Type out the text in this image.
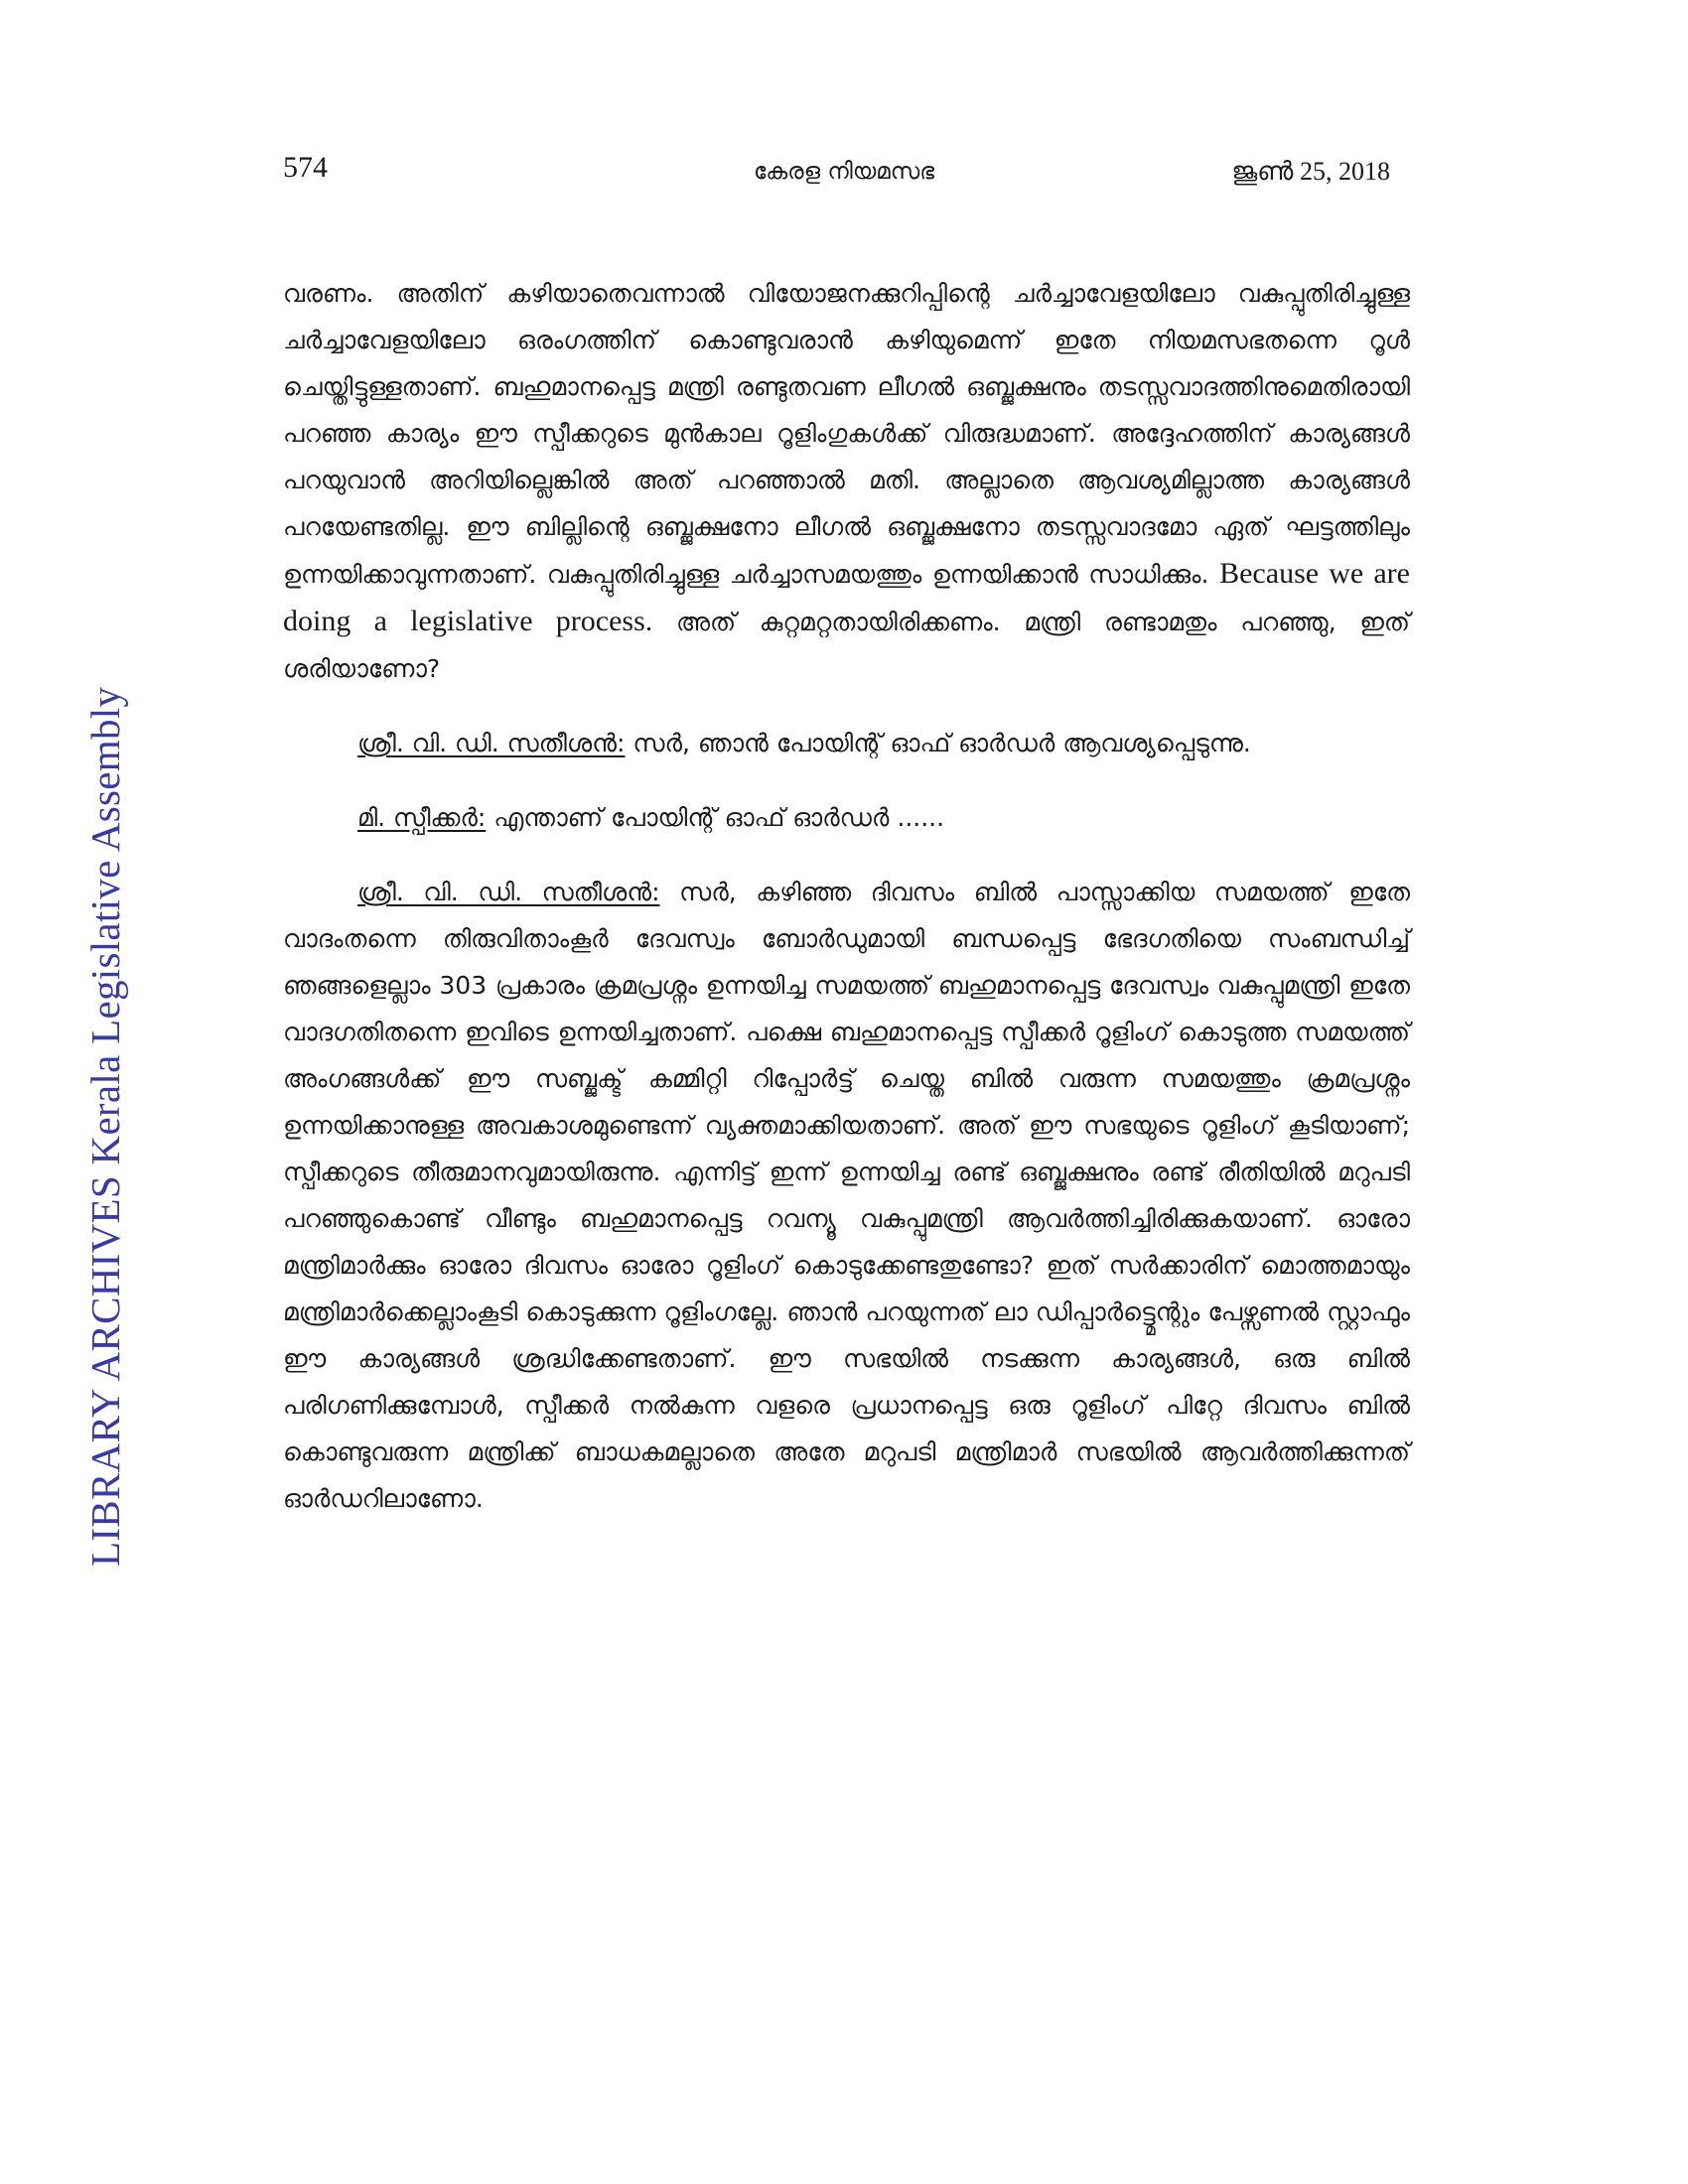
574	കേരള നിയമസഭ	ജൂൺ 25, 2018
LIBRARY ARCHIVES Kerala Legislative Assembly

വരണം. അതിന് കഴിയാതെവന്നാൽ വിയോജനക്കുറിപ്പിന്റെ ചർച്ചാവേളയിലോ വകുപ്പുതിരിച്ചുള്ള ചർച്ചാവേളയിലോ ഒരംഗത്തിന് കൊണ്ടുവരാൻ കഴിയുമെന്ന് ഇതേ നിയമസഭതന്നെ റൂൾ ചെയ്തിട്ടുള്ളതാണ്. ബഹുമാനപ്പെട്ട മന്ത്രി രണ്ടുതവണ ലീഗൽ ഒബ്ജക്ഷനും തടസ്സവാദത്തിനുമെതിരായി പറഞ്ഞ കാര്യം ഈ സ്പീക്കറുടെ മുൻകാല റൂളിംഗുകൾക്ക് വിരുദ്ധമാണ്. അദ്ദേഹത്തിന് കാര്യങ്ങൾ പറയുവാൻ അറിയില്ലെങ്കിൽ അത് പറഞ്ഞാൽ മതി. അല്ലാതെ ആവശ്യമില്ലാത്ത കാര്യങ്ങൾ പറയേണ്ടതില്ല. ഈ ബില്ലിന്റെ ഒബ്ജക്ഷനോ ലീഗൽ ഒബ്ജക്ഷനോ തടസ്സവാദമോ ഏത് ഘട്ടത്തിലും ഉന്നയിക്കാവുന്നതാണ്. വകുപ്പുതിരിച്ചുള്ള ചർച്ചാസമയത്തും ഉന്നയിക്കാൻ സാധിക്കും. Because we are doing a legislative process. അത് കുറ്റമറ്റതായിരിക്കണം. മന്ത്രി രണ്ടാമതും പറഞ്ഞു, ഇത് ശരിയാണോ?

ശ്രീ. വി. ഡി. സതീശൻ: സർ, ഞാൻ പോയിന്റ് ഓഫ് ഓർഡർ ആവശ്യപ്പെടുന്നു.

മി. സ്പീക്കർ: എന്താണ് പോയിന്റ് ഓഫ് ഓർഡർ ......

ശ്രീ. വി. ഡി. സതീശൻ: സർ, കഴിഞ്ഞ ദിവസം ബിൽ പാസ്സാക്കിയ സമയത്ത് ഇതേ വാദംതന്നെ തിരുവിതാംകൂർ ദേവസ്വം ബോർഡുമായി ബന്ധപ്പെട്ട ഭേദഗതിയെ സംബന്ധിച്ച് ഞങ്ങളെല്ലാം 303 പ്രകാരം ക്രമപ്രശ്നം ഉന്നയിച്ച സമയത്ത് ബഹുമാനപ്പെട്ട ദേവസ്വം വകുപ്പുമന്ത്രി ഇതേ വാദഗതിതന്നെ ഇവിടെ ഉന്നയിച്ചതാണ്. പക്ഷെ ബഹുമാനപ്പെട്ട സ്പീക്കർ റൂളിംഗ് കൊടുത്ത സമയത്ത് അംഗങ്ങൾക്ക് ഈ സബ്ജക്ട് കമ്മിറ്റി റിപ്പോർട്ട് ചെയ്ത ബിൽ വരുന്ന സമയത്തും ക്രമപ്രശ്നം ഉന്നയിക്കാനുള്ള അവകാശമുണ്ടെന്ന് വ്യക്തമാക്കിയതാണ്. അത് ഈ സഭയുടെ റൂളിംഗ് കൂടിയാണ്; സ്പീക്കറുടെ തീരുമാനവുമായിരുന്നു. എന്നിട്ട് ഇന്ന് ഉന്നയിച്ച രണ്ട് ഒബ്ജക്ഷനും രണ്ട് രീതിയിൽ മറുപടി പറഞ്ഞുകൊണ്ട് വീണ്ടും ബഹുമാനപ്പെട്ട റവന്യൂ വകുപ്പുമന്ത്രി ആവർത്തിച്ചിരിക്കുകയാണ്. ഓരോ മന്ത്രിമാർക്കും ഓരോ ദിവസം ഓരോ റൂളിംഗ് കൊടുക്കേണ്ടതുണ്ടോ? ഇത് സർക്കാരിന് മൊത്തമായും മന്ത്രിമാർക്കെല്ലാംകൂടി കൊടുക്കുന്ന റൂളിംഗല്ലേ. ഞാൻ പറയുന്നത് ലാ ഡിപ്പാർട്ട്മെന്റും പേഴ്സണൽ സ്റ്റാഫും ഈ കാര്യങ്ങൾ ശ്രദ്ധിക്കേണ്ടതാണ്. ഈ സഭയിൽ നടക്കുന്ന കാര്യങ്ങൾ, ഒരു ബിൽ പരിഗണിക്കുമ്പോൾ, സ്പീക്കർ നൽകുന്ന വളരെ പ്രധാനപ്പെട്ട ഒരു റൂളിംഗ് പിറ്റേ ദിവസം ബിൽ കൊണ്ടുവരുന്ന മന്ത്രിക്ക് ബാധകമല്ലാതെ അതേ മറുപടി മന്ത്രിമാർ സഭയിൽ ആവർത്തിക്കുന്നത് ഓർഡറിലാണോ.
